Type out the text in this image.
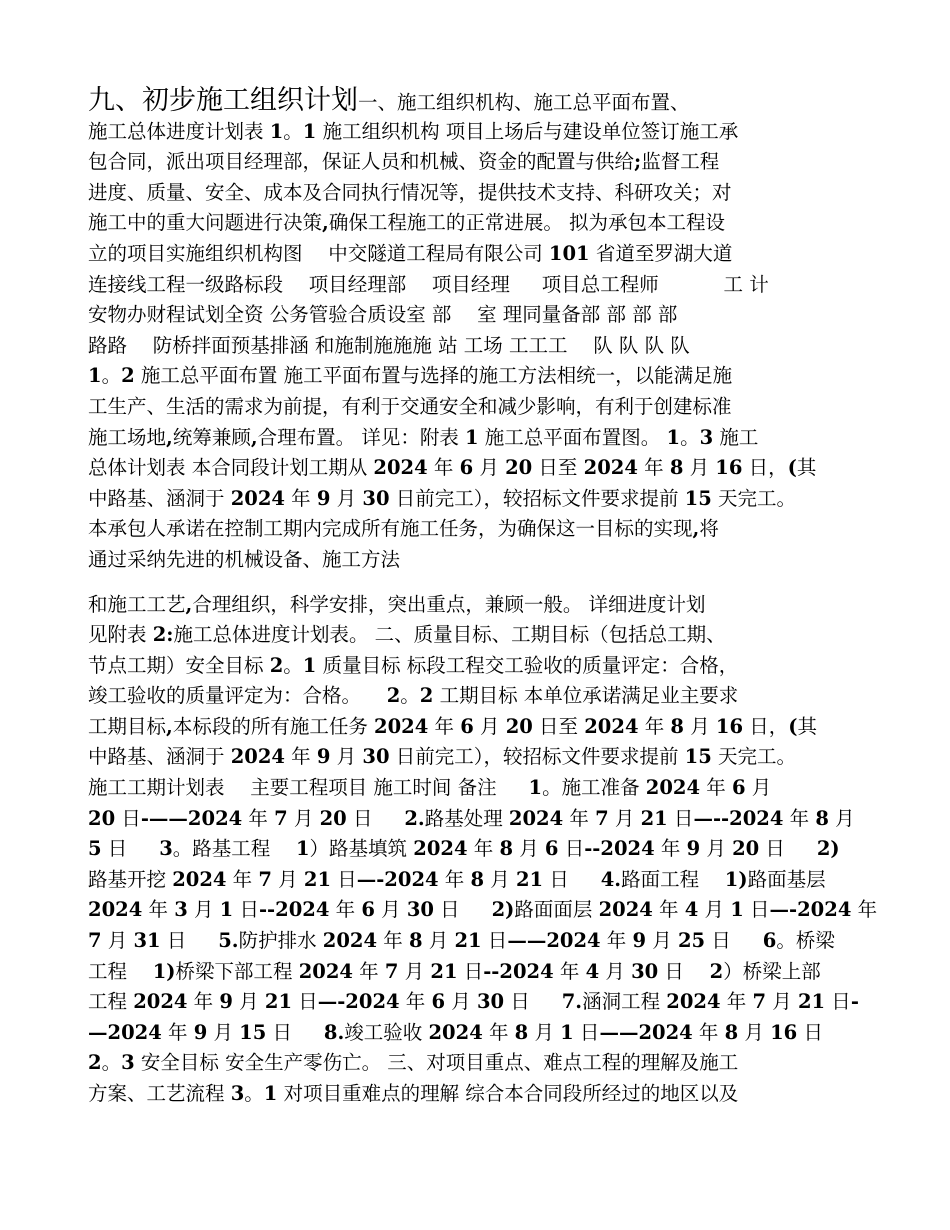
九、初步施工组织计划一、施工组织机构、施工总平面布置、
施工总体进度计划表 1。1 施工组织机构 项目上场后与建设单位签订施工承
包合同，派出项目经理部，保证人员和机械、资金的配置与供给;监督工程
进度、质量、安全、成本及合同执行情况等，提供技术支持、科研攻关；对
施工中的重大问题进行决策,确保工程施工的正常进展。 拟为承包本工程设
立的项目实施组织机构图 　中交隧道工程局有限公司 101 省道至罗湖大道
连接线工程一级路标段 　项目经理部 　项目经理 　 项目总工程师 　　　工 计
安物办财程试划全资 公务管验合质设室 部 　室 理同量备部 部 部 部
路路 　防桥拌面预基排涵 和施制施施施 站 工场 工工工 　队 队 队 队
1。2 施工总平面布置 施工平面布置与选择的施工方法相统一，以能满足施
工生产、生活的需求为前提，有利于交通安全和减少影响，有利于创建标准
施工场地,统筹兼顾,合理布置。 详见：附表 1 施工总平面布置图。 1。3 施工
总体计划表 本合同段计划工期从 2024 年 6 月 20 日至 2024 年 8 月 16 日，(其
中路基、涵洞于 2024 年 9 月 30 日前完工），较招标文件要求提前 15 天完工。
本承包人承诺在控制工期内完成所有施工任务，为确保这一目标的实现,将
通过采纳先进的机械设备、施工方法
和施工工艺,合理组织，科学安排，突出重点，兼顾一般。 详细进度计划
见附表 2:施工总体进度计划表。 二、质量目标、工期目标（包括总工期、
节点工期）安全目标 2。1 质量目标 标段工程交工验收的质量评定：合格，
竣工验收的质量评定为：合格。 　2。2 工期目标 本单位承诺满足业主要求
工期目标,本标段的所有施工任务 2024 年 6 月 20 日至 2024 年 8 月 16 日，(其
中路基、涵洞于 2024 年 9 月 30 日前完工），较招标文件要求提前 15 天完工。
施工工期计划表 　主要工程项目 施工时间 备注 　 1。施工准备 2024 年 6 月
20 日-——2024 年 7 月 20 日 　 2.路基处理 2024 年 7 月 21 日—--2024 年 8 月
5 日 　 3。路基工程 　1）路基填筑 2024 年 8 月 6 日--2024 年 9 月 20 日 　 2)
路基开挖 2024 年 7 月 21 日—-2024 年 8 月 21 日 　 4.路面工程 　1)路面基层
2024 年 3 月 1 日--2024 年 6 月 30 日 　 2)路面面层 2024 年 4 月 1 日—-2024 年
7 月 31 日 　 5.防护排水 2024 年 8 月 21 日——2024 年 9 月 25 日 　 6。桥梁
工程 　1)桥梁下部工程 2024 年 7 月 21 日--2024 年 4 月 30 日 　2）桥梁上部
工程 2024 年 9 月 21 日—-2024 年 6 月 30 日 　 7.涵洞工程 2024 年 7 月 21 日-
—2024 年 9 月 15 日 　 8.竣工验收 2024 年 8 月 1 日——2024 年 8 月 16 日
2。3 安全目标 安全生产零伤亡。 三、对项目重点、难点工程的理解及施工
方案、工艺流程 3。1 对项目重难点的理解 综合本合同段所经过的地区以及
